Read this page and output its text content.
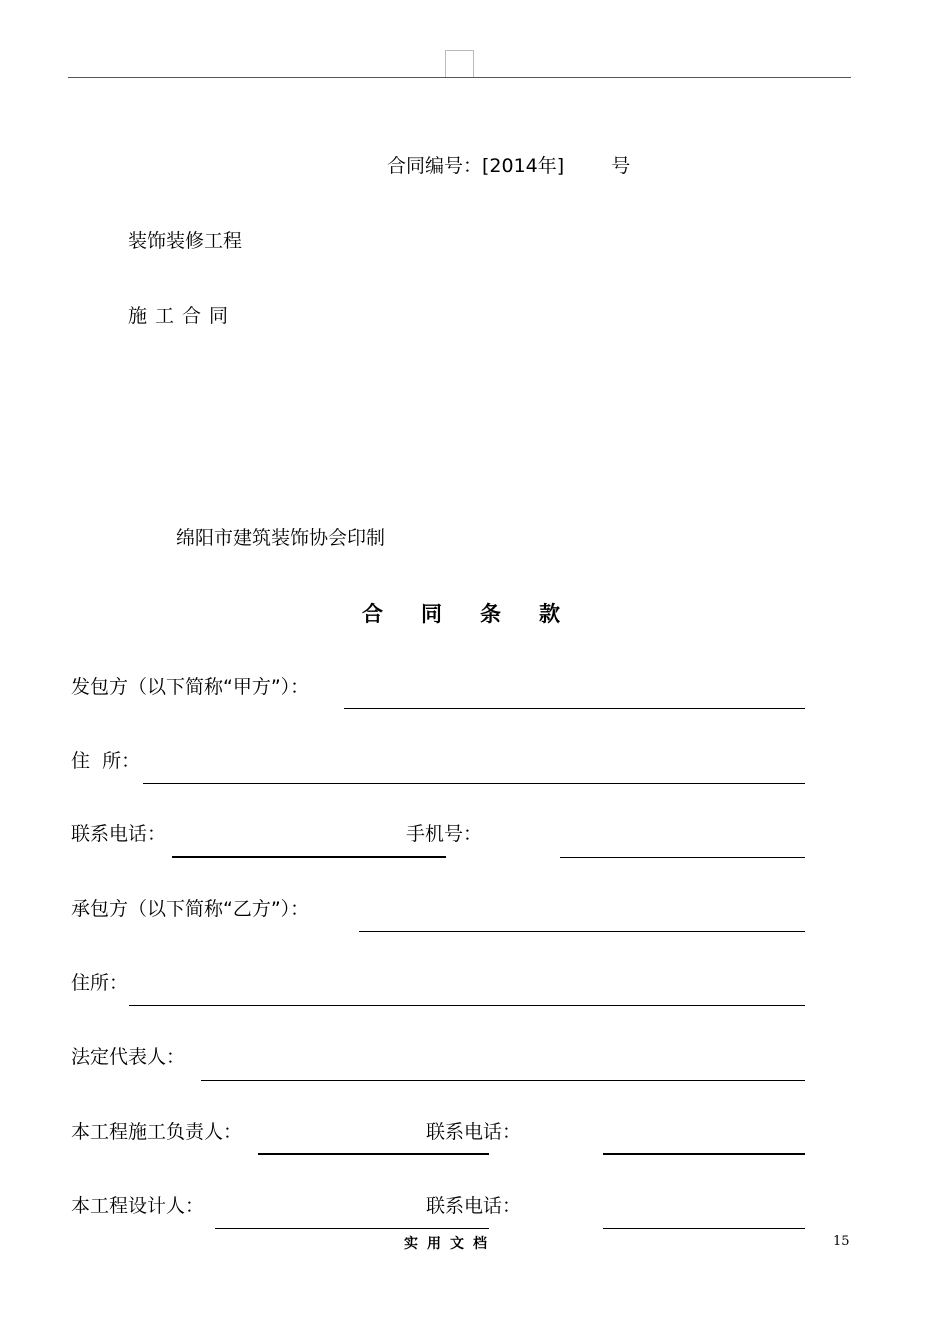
合同编号：[2014年] 号
装饰装修工程
施工合同
绵阳市建筑装饰协会印制
合同条款
发包方（以下简称“甲方”）：
住  所：
联系电话：	手机号：
承包方（以下简称“乙方”）：
住所：
法定代表人：
本工程施工负责人：	联系电话：
本工程设计人：	联系电话：
实用文档	15
